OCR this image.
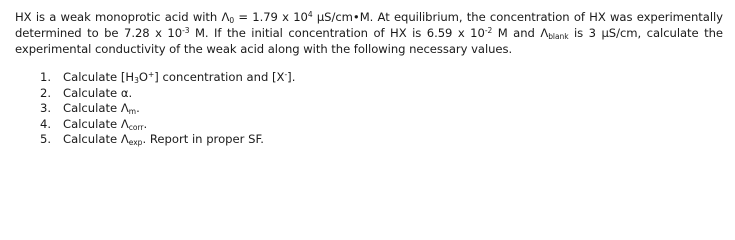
HX is a weak monoprotic acid with $\Lambda_0 = 1.79$ x $10^4$ µS/cm•M. At equilibrium, the concentration of HX was experimentally determined to be 7.28 x $10^{-3}$ M. If the initial concentration of HX is 6.59 x $10^{-2}$ M and $\Lambda_{blank}$ is 3 µS/cm, calculate the experimental conductivity of the weak acid along with the following necessary values.

1.	Calculate $[H_3O^+]$ concentration and [X-].
2.	Calculate α.
3.	Calculate $\Lambda_m$.
4.	Calculate $\Lambda_{corr}$.
5.	Calculate $\Lambda_{exp}$. Report in proper SF.
